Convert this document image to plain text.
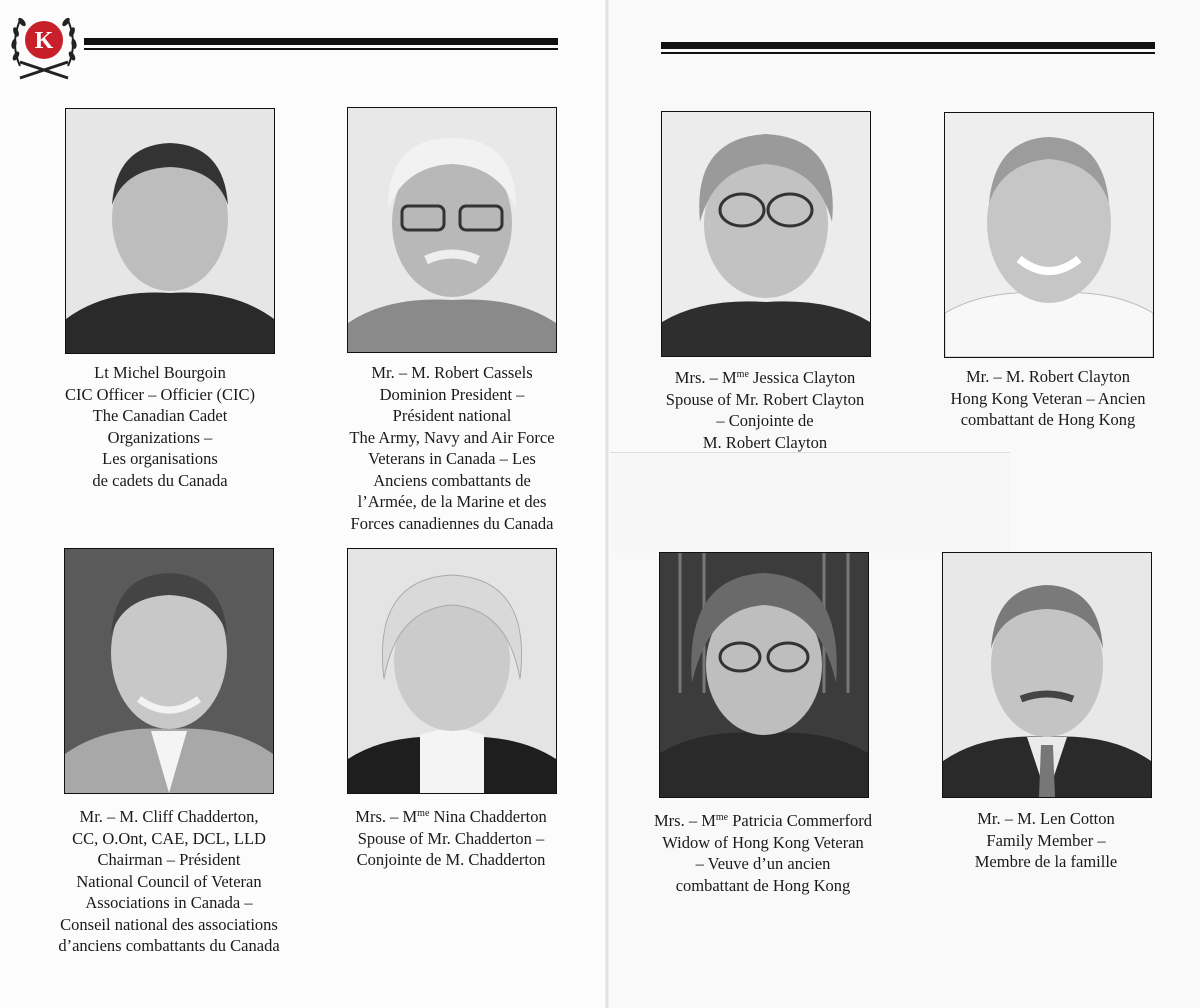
K
Lt Michel Bourgoin
CIC Officer – Officier (CIC)
The Canadian Cadet
Organizations –
Les organisations
de cadets du Canada
Mr. – M. Robert Cassels
Dominion President –
Président national
The Army, Navy and Air Force
Veterans in Canada – Les
Anciens combattants de
l’Armée, de la Marine et des
Forces canadiennes du Canada
Mrs. – $M^{me}$ Jessica Clayton
Spouse of Mr. Robert Clayton
– Conjointe de
M. Robert Clayton
Mr. – M. Robert Clayton
Hong Kong Veteran – Ancien
combattant de Hong Kong
Mr. – M. Cliff Chadderton,
CC, O.Ont, CAE, DCL, LLD
Chairman – Président
National Council of Veteran
Associations in Canada –
Conseil national des associations
d’anciens combattants du Canada
Mrs. – $M^{me}$ Nina Chadderton
Spouse of Mr. Chadderton –
Conjointe de M. Chadderton
Mrs. – $M^{me}$ Patricia Commerford
Widow of Hong Kong Veteran
– Veuve d’un ancien
combattant de Hong Kong
Mr. – M. Len Cotton
Family Member –
Membre de la famille
